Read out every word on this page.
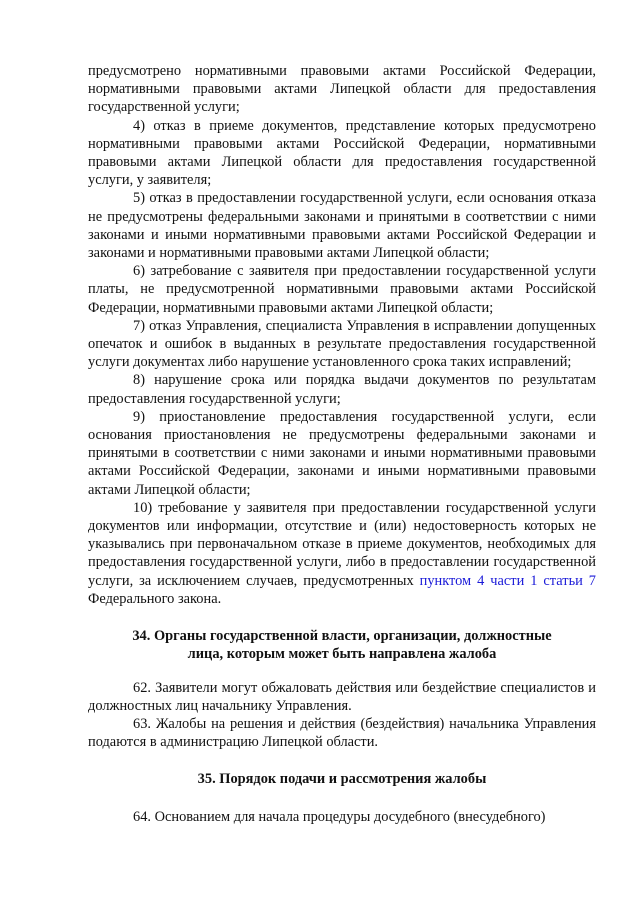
предусмотрено нормативными правовыми актами Российской Федерации, нормативными правовыми актами Липецкой области для предоставления государственной услуги;

4) отказ в приеме документов, представление которых предусмотрено нормативными правовыми актами Российской Федерации, нормативными правовыми актами Липецкой области для предоставления государственной услуги, у заявителя;

5) отказ в предоставлении государственной услуги, если основания отказа не предусмотрены федеральными законами и принятыми в соответствии с ними законами и иными нормативными правовыми актами Российской Федерации и законами и нормативными правовыми актами Липецкой области;

6) затребование с заявителя при предоставлении государственной услуги платы, не предусмотренной нормативными правовыми актами Российской Федерации, нормативными правовыми актами Липецкой области;

7) отказ Управления, специалиста Управления в исправлении допущенных опечаток и ошибок в выданных в результате предоставления государственной услуги документах либо нарушение установленного срока таких исправлений;

8) нарушение срока или порядка выдачи документов по результатам предоставления государственной услуги;

9) приостановление предоставления государственной услуги, если основания приостановления не предусмотрены федеральными законами и принятыми в соответствии с ними законами и иными нормативными правовыми актами Российской Федерации, законами и иными нормативными правовыми актами Липецкой области;

10) требование у заявителя при предоставлении государственной услуги документов или информации, отсутствие и (или) недостоверность которых не указывались при первоначальном отказе в приеме документов, необходимых для предоставления государственной услуги, либо в предоставлении государственной услуги, за исключением случаев, предусмотренных пунктом 4 части 1 статьи 7 Федерального закона.

34. Органы государственной власти, организации, должностные
лица, которым может быть направлена жалоба

62. Заявители могут обжаловать действия или бездействие специалистов и должностных лиц начальнику Управления.

63. Жалобы на решения и действия (бездействия) начальника Управления подаются в администрацию Липецкой области.

35. Порядок подачи и рассмотрения жалобы

64. Основанием для начала процедуры досудебного (внесудебного)
